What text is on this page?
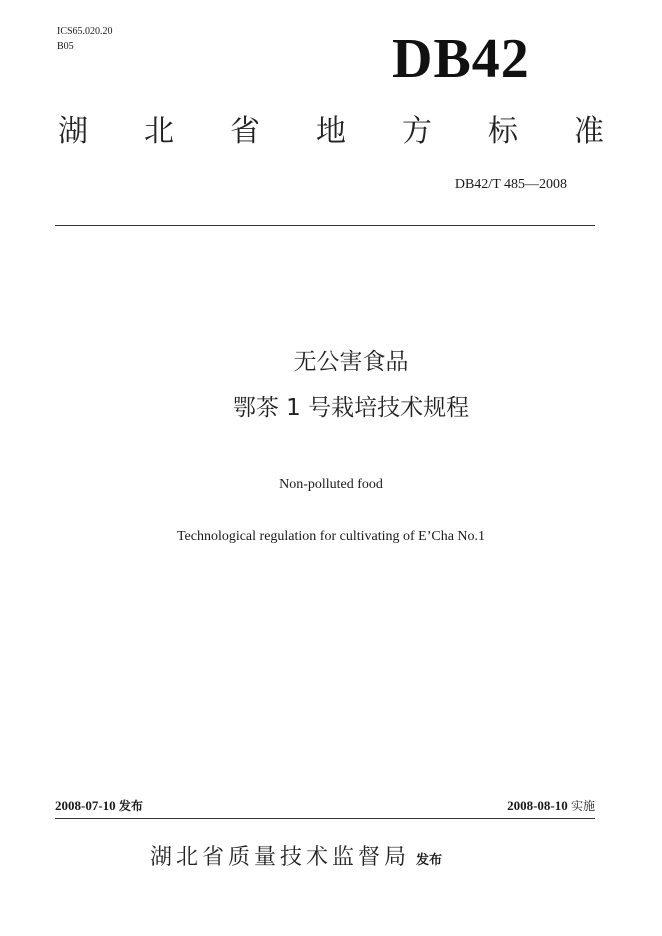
ICS65.020.20
B05	DB42
湖 北 省 地 方 标 准
DB42/T 485—2008
无公害食品
鄂茶 1 号栽培技术规程
Non-polluted food
Technological regulation for cultivating of E’Cha No.1
2008-07-10 发布	2008-08-10 实施
湖北省质量技术监督局 发布
